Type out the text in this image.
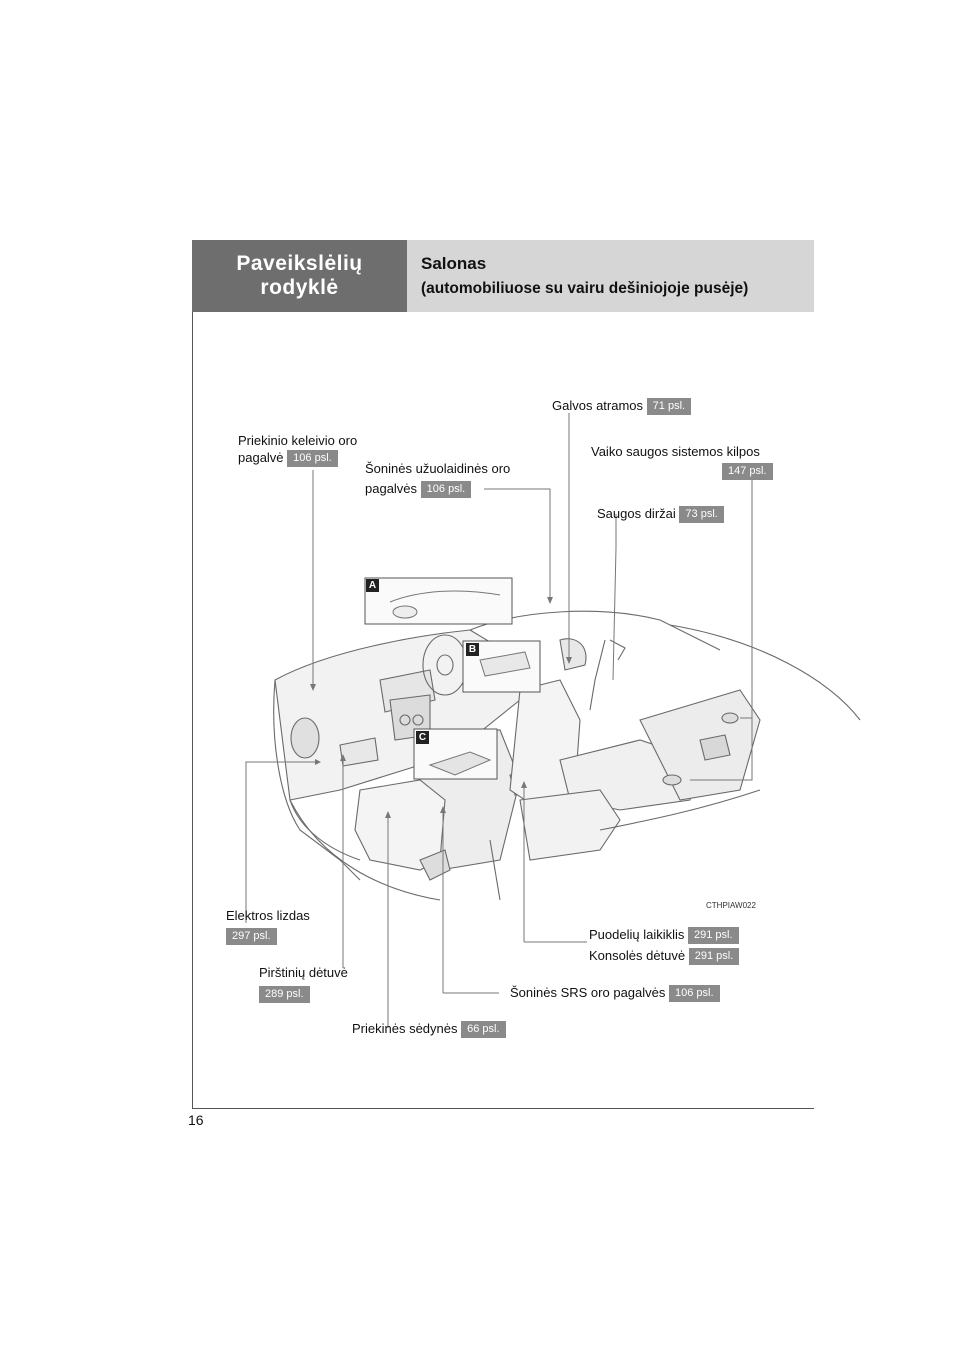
Paveikslėlių
rodyklė
Salonas
(automobiliuose su vairu dešiniojoje pusėje)
A
B
C
CTHPIAW022
Priekinio keleivio oro
pagalvė 106 psl.
Šoninės užuolaidinės oro
pagalvės 106 psl.
Galvos atramos 71 psl.
Vaiko saugos sistemos kilpos
147 psl.
Saugos diržai 73 psl.
Elektros lizdas
297 psl.
Pirštinių dėtuvė
289 psl.
Puodelių laikiklis 291 psl.
Konsolės dėtuvė 291 psl.
Šoninės SRS oro pagalvės 106 psl.
Priekinės sėdynės 66 psl.
16
